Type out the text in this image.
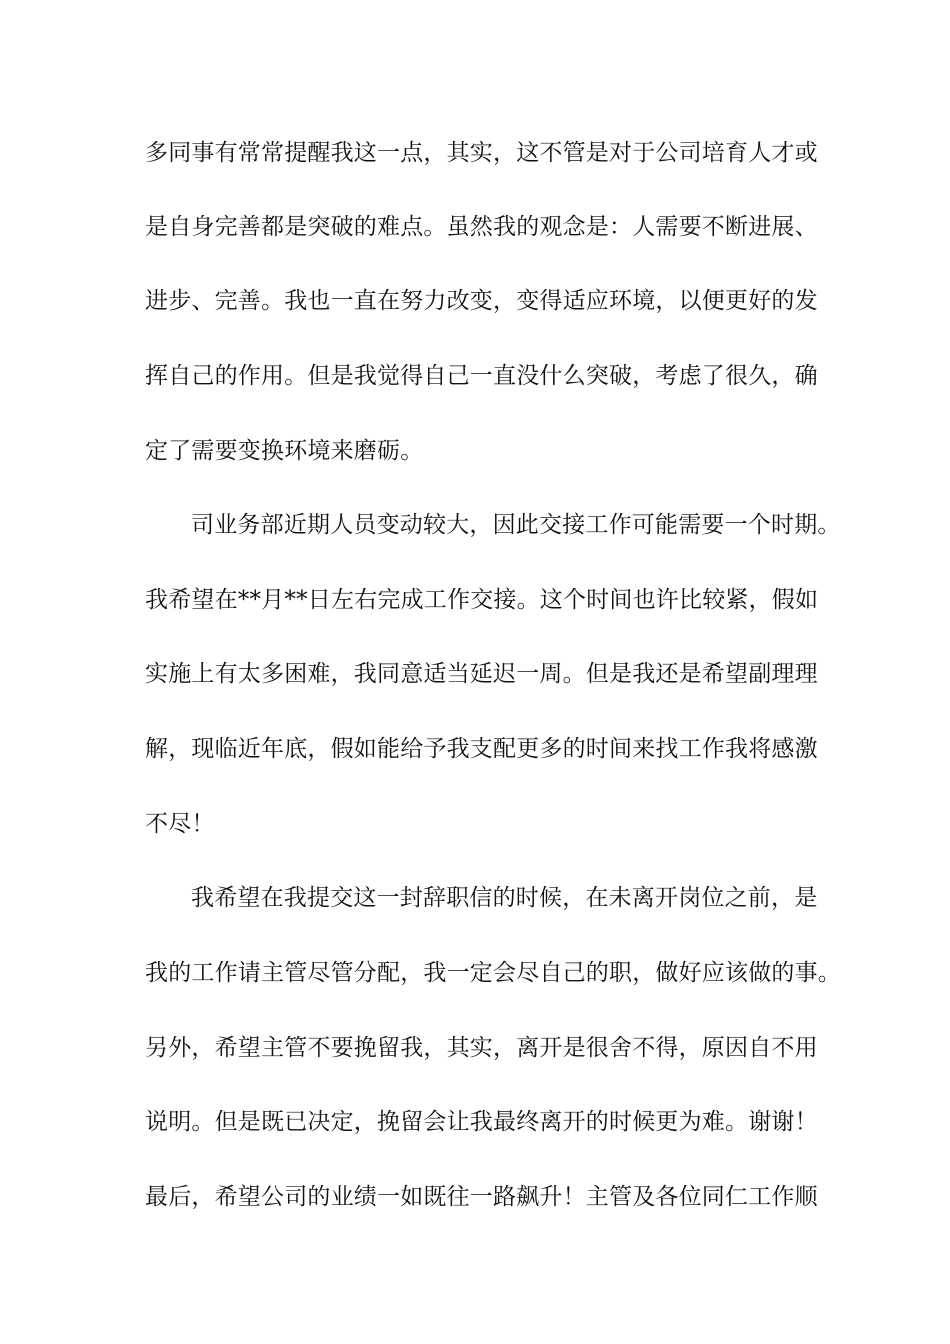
多同事有常常提醒我这一点，其实，这不管是对于公司培育人才或
是自身完善都是突破的难点。虽然我的观念是：人需要不断进展、
进步、完善。我也一直在努力改变，变得适应环境，以便更好的发
挥自己的作用。但是我觉得自己一直没什么突破，考虑了很久，确
定了需要变换环境来磨砺。
司业务部近期人员变动较大，因此交接工作可能需要一个时期。
我希望在**月**日左右完成工作交接。这个时间也许比较紧，假如
实施上有太多困难，我同意适当延迟一周。但是我还是希望副理理
解，现临近年底，假如能给予我支配更多的时间来找工作我将感激
不尽！
我希望在我提交这一封辞职信的时候，在未离开岗位之前，是
我的工作请主管尽管分配，我一定会尽自己的职，做好应该做的事。
另外，希望主管不要挽留我，其实，离开是很舍不得，原因自不用
说明。但是既已决定，挽留会让我最终离开的时候更为难。谢谢！
最后，希望公司的业绩一如既往一路飙升！主管及各位同仁工作顺
